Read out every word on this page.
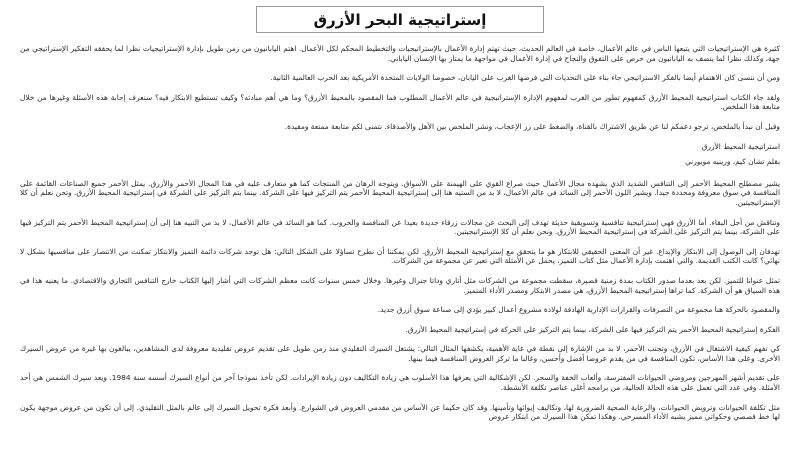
إستراتيجية البحر الأزرق

كثيرة هي الإستراتيجيات التي يتبعها الناس في عالم الأعمال، خاصة في العالم الحديث، حيث تهتم إدارة الأعمال بالإستراتيجيات والتخطيط المحكم لكل الأعمال. اهتم اليابانيون من زمن طويل بإدارة الإستراتيجيات نظرا لما يحققه التفكير الإستراتيجي من جهة، وكذلك نظرا لما يتصف به اليابانيون من حرص على التفوق والنجاح في إدارة الأعمال في مواجهة ما يمتاز بها الإنسان الياباني.

ومن أن ننسى كان الاهتمام أيضا بالفكر الاستراتيجي جاء بناء على التحديات التي فرضها الغرب على اليابان، خصوصا الولايات المتحدة الأمريكية بعد الحرب العالمية الثانية.

ولقد جاء الكتاب استراتيجية المحيط الأزرق كمفهوم تطور من الغرب لمفهوم الإدارة الإستراتيجية في عالم الأعمال المطلوب فما المقصود بالمحيط الأزرق؟ وما هي أهم مبادئه؟ وكيف تستطيع الابتكار فيه؟ سنعرف إجابة هذه الأسئلة وغيرها من خلال متابعة هذا الملخص.

وقبل أن نبدأ بالملخص، ترجو دعمكم لنا عن طريق الاشتراك بالقناة، والضغط على زر الإعجاب، ونشر الملخص بين الأهل والأصدقاء. نتمنى لكم متابعة ممتعة ومفيدة.

استراتيجية المحيط الأزرق
بقلم تشان كيم، ورينيه موبورني

يشير مصطلح المحيط الأحمر إلى التنافس الشديد الذي يشهده مجال الأعمال حيث صراع القوي على الهيمنة على الأسواق. ويتوجه الرهان من المنتجات كما هو متعارف عليه في هذا المجال الأحمر والأزرق. يمثل الأحمر جميع الصناعات القائمة على المنافسة في سوق معروفة ومحددة جيدا. ويشير اللون الأحمر إلى السائد في عالم الأعمال، لا بد من الستيه هنا إلى إستراتيجية المحيط الأحمر يتم التركيز فيها على الشركة. بينما يتم التركيز على الشركة في إستراتيجية المحيط الأزرق. وتحن نعلم أن كلا الإستراتيجيتين.

وتناقش من أجل البقاء. أما الأزرق فهي إستراتيجية تنافسية وتسويقية حديثة تهدف إلى البحث عن مجالات زرقاء جديدة بعيدا عن المنافسة والحروب. كما هو السائد في عالم الأعمال، لا بد من التبيه هنا إلى أن إستراتيجية المحيط الأحمر يتم التركيز فيها على الشركة، بينما يتم التركيز على الشركة في إستراتيجية المحيط الأزرق. ونحن نعلم أن كلا الإستراتيجيتين.

تهدفان إلى الوصول إلى الابتكار والإبداع. غير أن المعنى الحقيقي للابتكار هو ما يتحقق مع إستراتيجية المحيط الأزرق. لكن يمكننا أن نطرح تساؤلا على الشكل التالي: هل توجد شركات دائمة التميز والابتكار تمكنت من الانتصار على منافسيها بشكل لا نهائي؟ كانت الكتب القديمة. والتي اهتمت بإدارة الأعمال مثل كتاب التميز، يحمل عن الأمثلة التي تعبر عن مجموعة من الشركات.

تمثل عنوانا للتميز. لكن بعد بعدما صدور الكتاب بمدة زمنية قصيرة، سقطت مجموعة من الشركات مثل أتاري وداتا جنرال وغيرها. وخلال خمس سنوات كانت معظم الشركات التي أشار إليها الكتاب خارج التنافس التجاري والاقتصادي. ما يعنيه هذا في هذه السياق هو أن الشركة. كما تراها إستراتيجية المحيط الأزرق، هي مصدر الابتكار ومصدر الأداء المتميز.

والمقصود بالحركة هنا مجموعة من التصرفات والقرارات الإدارية الهادفة لولادة مشروع أعمال كبير يؤدي إلى صناعة سوق أزرق جديد.

الفكرة إستراتيجية المحيط الأحمر يتم التركيز فيها على الشركة، بينما يتم التركيز على الحركة في إستراتيجية المحيط الأزرق.

كي تفهم كيفية الاشتغال في الأزرق، وتجنب الأحمر، لا بد من الإشارة إلى نقطة في غاية الأهمية، يكشفها المثال التالي: يشتغل السيرك التقليدي منذ زمن طويل على تقديم عروض تقليدية معروفة لدى المشاهدين، يبالغون بها غيرة من عروض السيرك الأخرى. وعلى هذا الأساس، تكون المنافسة في من يقدم عروضا أفضل وأحسن، وغالبا ما تركز العروض المنافسة فيما بينها.

على تقديم أشهر المهرجين ومروضي الحيوانات المفترسة، وألعاب الخفة والسحر. لكن الإشكالية التي يعرفها هذا الأسلوب هي زيادة التكاليف دون زيادة الإيرادات. لكن تأخذ نموذجا آخر من أنواع السيرك أسسه سنة 1984. ويعد سيرك الشمس هي أحد الأمثلة. وفي عدد التي تعمل على هذه الحالة الحالية، من برامجه أغلى عناصر تكلفة الأنشطة.

مثل تكلفة الحيوانات وترويض الحيوانات، والرعاية الصحية الضرورية لها، وتكاليف إيوائها وتأمينها. وقد كان حكيما عن الأساس من مقدمي العروض في الشوارع. وأبعد فكرة تحويل السيرك إلى عالم بالمثل التقليدي. إلى أن تكون من عروض موجهة يكون لها خط قصصي وحكواتي مميز يشبه الأداء المسرحي. وهكذا تمكن هذا السيرك من ابتكار عروض
